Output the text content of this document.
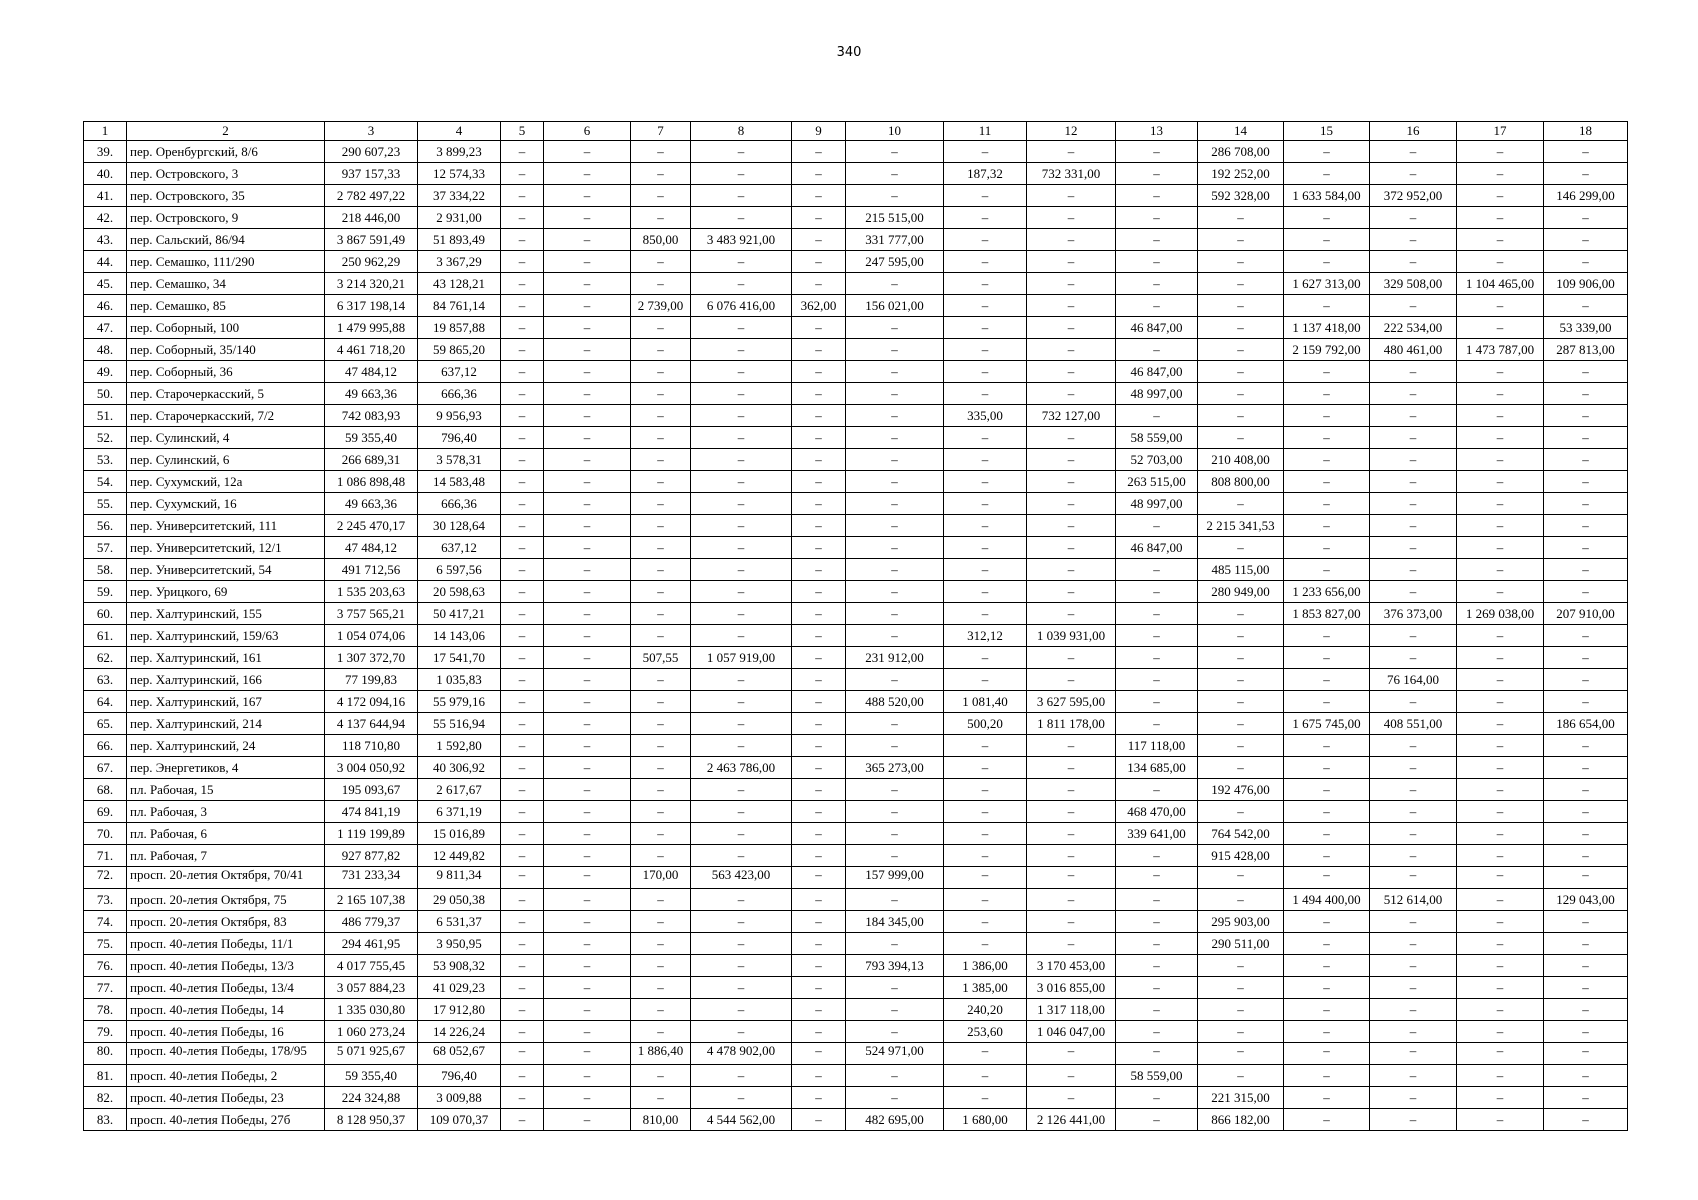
340
1	2	3	4	5	6	7	8	9	10	11	12	13	14	15	16	17	18
39.	пер. Оренбургский, 8/6	290 607,23	3 899,23	–	–	–	–	–	–	–	–	–	286 708,00	–	–	–	–
40.	пер. Островского, 3	937 157,33	12 574,33	–	–	–	–	–	–	187,32	732 331,00	–	192 252,00	–	–	–	–
41.	пер. Островского, 35	2 782 497,22	37 334,22	–	–	–	–	–	–	–	–	–	592 328,00	1 633 584,00	372 952,00	–	146 299,00
42.	пер. Островского, 9	218 446,00	2 931,00	–	–	–	–	–	215 515,00	–	–	–	–	–	–	–	–
43.	пер. Сальский, 86/94	3 867 591,49	51 893,49	–	–	850,00	3 483 921,00	–	331 777,00	–	–	–	–	–	–	–	–
44.	пер. Семашко, 111/290	250 962,29	3 367,29	–	–	–	–	–	247 595,00	–	–	–	–	–	–	–	–
45.	пер. Семашко, 34	3 214 320,21	43 128,21	–	–	–	–	–	–	–	–	–	–	1 627 313,00	329 508,00	1 104 465,00	109 906,00
46.	пер. Семашко, 85	6 317 198,14	84 761,14	–	–	2 739,00	6 076 416,00	362,00	156 021,00	–	–	–	–	–	–	–	–
47.	пер. Соборный, 100	1 479 995,88	19 857,88	–	–	–	–	–	–	–	–	46 847,00	–	1 137 418,00	222 534,00	–	53 339,00
48.	пер. Соборный, 35/140	4 461 718,20	59 865,20	–	–	–	–	–	–	–	–	–	–	2 159 792,00	480 461,00	1 473 787,00	287 813,00
49.	пер. Соборный, 36	47 484,12	637,12	–	–	–	–	–	–	–	–	46 847,00	–	–	–	–	–
50.	пер. Старочеркасский, 5	49 663,36	666,36	–	–	–	–	–	–	–	–	48 997,00	–	–	–	–	–
51.	пер. Старочеркасский, 7/2	742 083,93	9 956,93	–	–	–	–	–	–	335,00	732 127,00	–	–	–	–	–	–
52.	пер. Сулинский, 4	59 355,40	796,40	–	–	–	–	–	–	–	–	58 559,00	–	–	–	–	–
53.	пер. Сулинский, 6	266 689,31	3 578,31	–	–	–	–	–	–	–	–	52 703,00	210 408,00	–	–	–	–
54.	пер. Сухумский, 12а	1 086 898,48	14 583,48	–	–	–	–	–	–	–	–	263 515,00	808 800,00	–	–	–	–
55.	пер. Сухумский, 16	49 663,36	666,36	–	–	–	–	–	–	–	–	48 997,00	–	–	–	–	–
56.	пер. Университетский, 111	2 245 470,17	30 128,64	–	–	–	–	–	–	–	–	–	2 215 341,53	–	–	–	–
57.	пер. Университетский, 12/1	47 484,12	637,12	–	–	–	–	–	–	–	–	46 847,00	–	–	–	–	–
58.	пер. Университетский, 54	491 712,56	6 597,56	–	–	–	–	–	–	–	–	–	485 115,00	–	–	–	–
59.	пер. Урицкого, 69	1 535 203,63	20 598,63	–	–	–	–	–	–	–	–	–	280 949,00	1 233 656,00	–	–	–
60.	пер. Халтуринский, 155	3 757 565,21	50 417,21	–	–	–	–	–	–	–	–	–	–	1 853 827,00	376 373,00	1 269 038,00	207 910,00
61.	пер. Халтуринский, 159/63	1 054 074,06	14 143,06	–	–	–	–	–	–	312,12	1 039 931,00	–	–	–	–	–	–
62.	пер. Халтуринский, 161	1 307 372,70	17 541,70	–	–	507,55	1 057 919,00	–	231 912,00	–	–	–	–	–	–	–	–
63.	пер. Халтуринский, 166	77 199,83	1 035,83	–	–	–	–	–	–	–	–	–	–	–	76 164,00	–	–
64.	пер. Халтуринский, 167	4 172 094,16	55 979,16	–	–	–	–	–	488 520,00	1 081,40	3 627 595,00	–	–	–	–	–	–
65.	пер. Халтуринский, 214	4 137 644,94	55 516,94	–	–	–	–	–	–	500,20	1 811 178,00	–	–	1 675 745,00	408 551,00	–	186 654,00
66.	пер. Халтуринский, 24	118 710,80	1 592,80	–	–	–	–	–	–	–	–	117 118,00	–	–	–	–	–
67.	пер. Энергетиков, 4	3 004 050,92	40 306,92	–	–	–	2 463 786,00	–	365 273,00	–	–	134 685,00	–	–	–	–	–
68.	пл. Рабочая, 15	195 093,67	2 617,67	–	–	–	–	–	–	–	–	–	192 476,00	–	–	–	–
69.	пл. Рабочая, 3	474 841,19	6 371,19	–	–	–	–	–	–	–	–	468 470,00	–	–	–	–	–
70.	пл. Рабочая, 6	1 119 199,89	15 016,89	–	–	–	–	–	–	–	–	339 641,00	764 542,00	–	–	–	–
71.	пл. Рабочая, 7	927 877,82	12 449,82	–	–	–	–	–	–	–	–	–	915 428,00	–	–	–	–
72.	просп. 20-летия Октября, 70/41	731 233,34	9 811,34	–	–	170,00	563 423,00	–	157 999,00	–	–	–	–	–	–	–	–
73.	просп. 20-летия Октября, 75	2 165 107,38	29 050,38	–	–	–	–	–	–	–	–	–	–	1 494 400,00	512 614,00	–	129 043,00
74.	просп. 20-летия Октября, 83	486 779,37	6 531,37	–	–	–	–	–	184 345,00	–	–	–	295 903,00	–	–	–	–
75.	просп. 40-летия Победы, 11/1	294 461,95	3 950,95	–	–	–	–	–	–	–	–	–	290 511,00	–	–	–	–
76.	просп. 40-летия Победы, 13/3	4 017 755,45	53 908,32	–	–	–	–	–	793 394,13	1 386,00	3 170 453,00	–	–	–	–	–	–
77.	просп. 40-летия Победы, 13/4	3 057 884,23	41 029,23	–	–	–	–	–	–	1 385,00	3 016 855,00	–	–	–	–	–	–
78.	просп. 40-летия Победы, 14	1 335 030,80	17 912,80	–	–	–	–	–	–	240,20	1 317 118,00	–	–	–	–	–	–
79.	просп. 40-летия Победы, 16	1 060 273,24	14 226,24	–	–	–	–	–	–	253,60	1 046 047,00	–	–	–	–	–	–
80.	просп. 40-летия Победы, 178/95	5 071 925,67	68 052,67	–	–	1 886,40	4 478 902,00	–	524 971,00	–	–	–	–	–	–	–	–
81.	просп. 40-летия Победы, 2	59 355,40	796,40	–	–	–	–	–	–	–	–	58 559,00	–	–	–	–	–
82.	просп. 40-летия Победы, 23	224 324,88	3 009,88	–	–	–	–	–	–	–	–	–	221 315,00	–	–	–	–
83.	просп. 40-летия Победы, 27б	8 128 950,37	109 070,37	–	–	810,00	4 544 562,00	–	482 695,00	1 680,00	2 126 441,00	–	866 182,00	–	–	–	–
